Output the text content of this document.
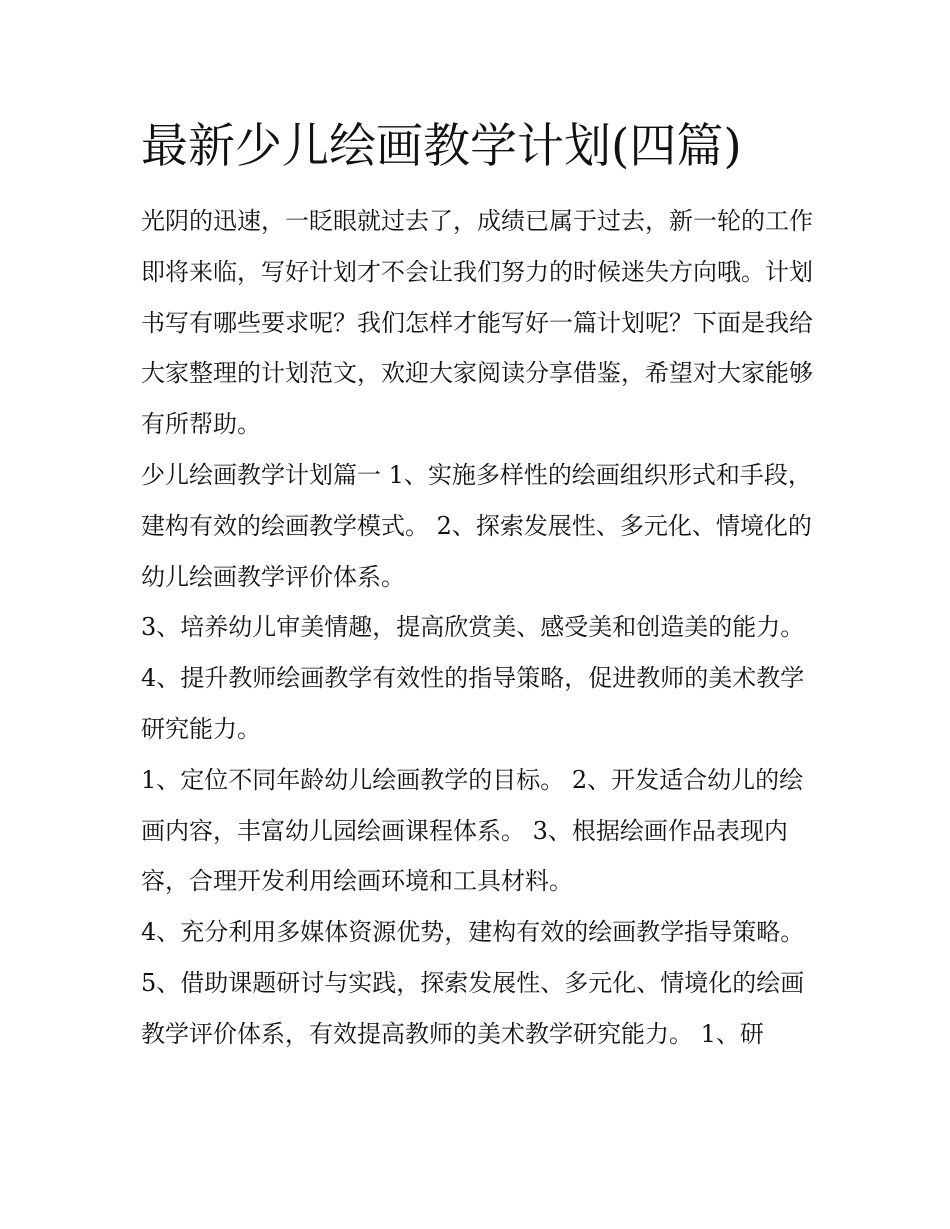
最新少儿绘画教学计划(四篇)

光阴的迅速，一眨眼就过去了，成绩已属于过去，新一轮的工作即将来临，写好计划才不会让我们努力的时候迷失方向哦。计划书写有哪些要求呢？我们怎样才能写好一篇计划呢？下面是我给大家整理的计划范文，欢迎大家阅读分享借鉴，希望对大家能够有所帮助。

少儿绘画教学计划篇一 1、实施多样性的绘画组织形式和手段，建构有效的绘画教学模式。 2、探索发展性、多元化、情境化的幼儿绘画教学评价体系。

3、培养幼儿审美情趣，提高欣赏美、感受美和创造美的能力。 4、提升教师绘画教学有效性的指导策略，促进教师的美术教学研究能力。

1、定位不同年龄幼儿绘画教学的目标。 2、开发适合幼儿的绘画内容，丰富幼儿园绘画课程体系。 3、根据绘画作品表现内容，合理开发利用绘画环境和工具材料。

4、充分利用多媒体资源优势，建构有效的绘画教学指导策略。

5、借助课题研讨与实践，探索发展性、多元化、情境化的绘画教学评价体系，有效提高教师的美术教学研究能力。 1、研
